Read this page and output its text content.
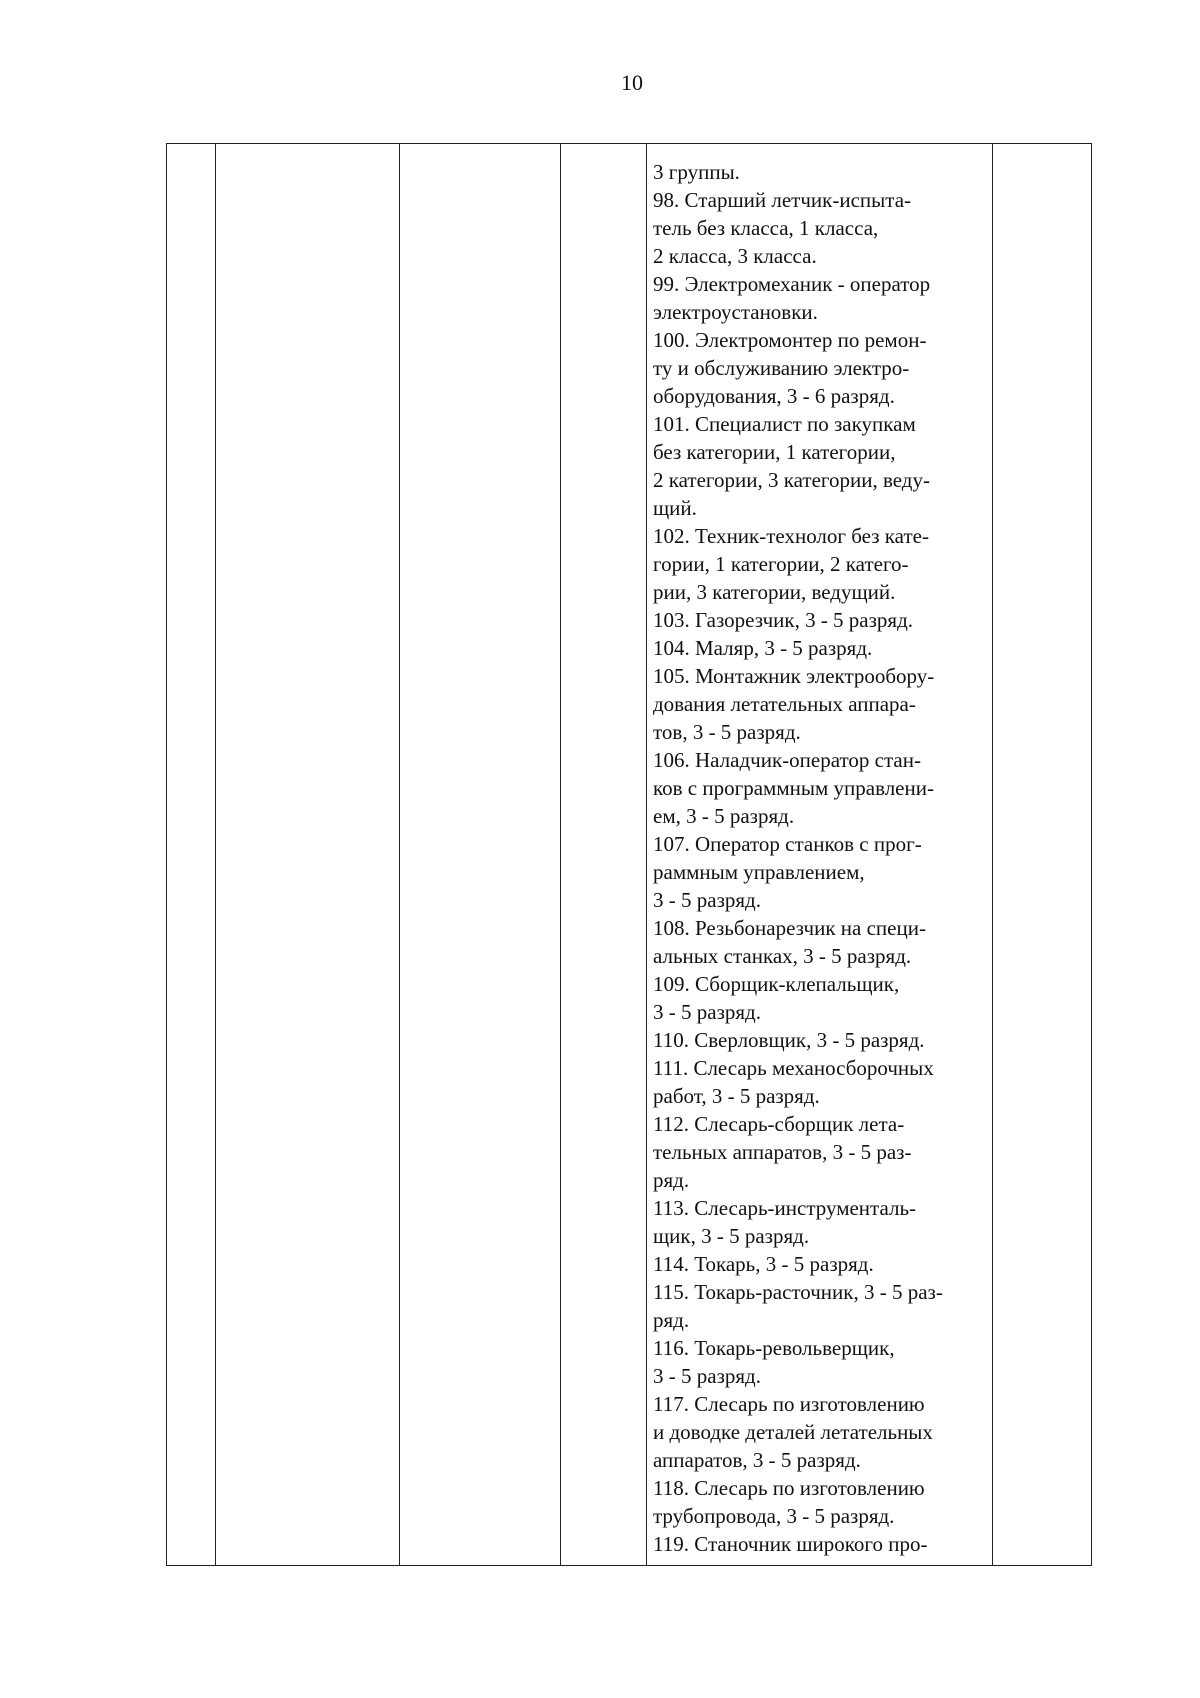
10
3 группы.
98. Старший летчик-испыта-
тель без класса, 1 класса,
2 класса, 3 класса.
99. Электромеханик - оператор
электроустановки.
100. Электромонтер по ремон-
ту и обслуживанию электро-
оборудования, 3 - 6 разряд.
101. Специалист по закупкам
без категории, 1 категории,
2 категории, 3 категории, веду-
щий.
102. Техник-технолог без кате-
гории, 1 категории, 2 катего-
рии, 3 категории, ведущий.
103. Газорезчик, 3 - 5 разряд.
104. Маляр, 3 - 5 разряд.
105. Монтажник электрообору-
дования летательных аппара-
тов, 3 - 5 разряд.
106. Наладчик-оператор стан-
ков с программным управлени-
ем, 3 - 5 разряд.
107. Оператор станков с прог-
раммным управлением,
3 - 5 разряд.
108. Резьбонарезчик на специ-
альных станках, 3 - 5 разряд.
109. Сборщик-клепальщик,
3 - 5 разряд.
110. Сверловщик, 3 - 5 разряд.
111. Слесарь механосборочных
работ, 3 - 5 разряд.
112. Слесарь-сборщик лета-
тельных аппаратов, 3 - 5 раз-
ряд.
113. Слесарь-инструменталь-
щик, 3 - 5 разряд.
114. Токарь, 3 - 5 разряд.
115. Токарь-расточник, 3 - 5 раз-
ряд.
116. Токарь-револьверщик,
3 - 5 разряд.
117. Слесарь по изготовлению
и доводке деталей летательных
аппаратов, 3 - 5 разряд.
118. Слесарь по изготовлению
трубопровода, 3 - 5 разряд.
119. Станочник широкого про-
